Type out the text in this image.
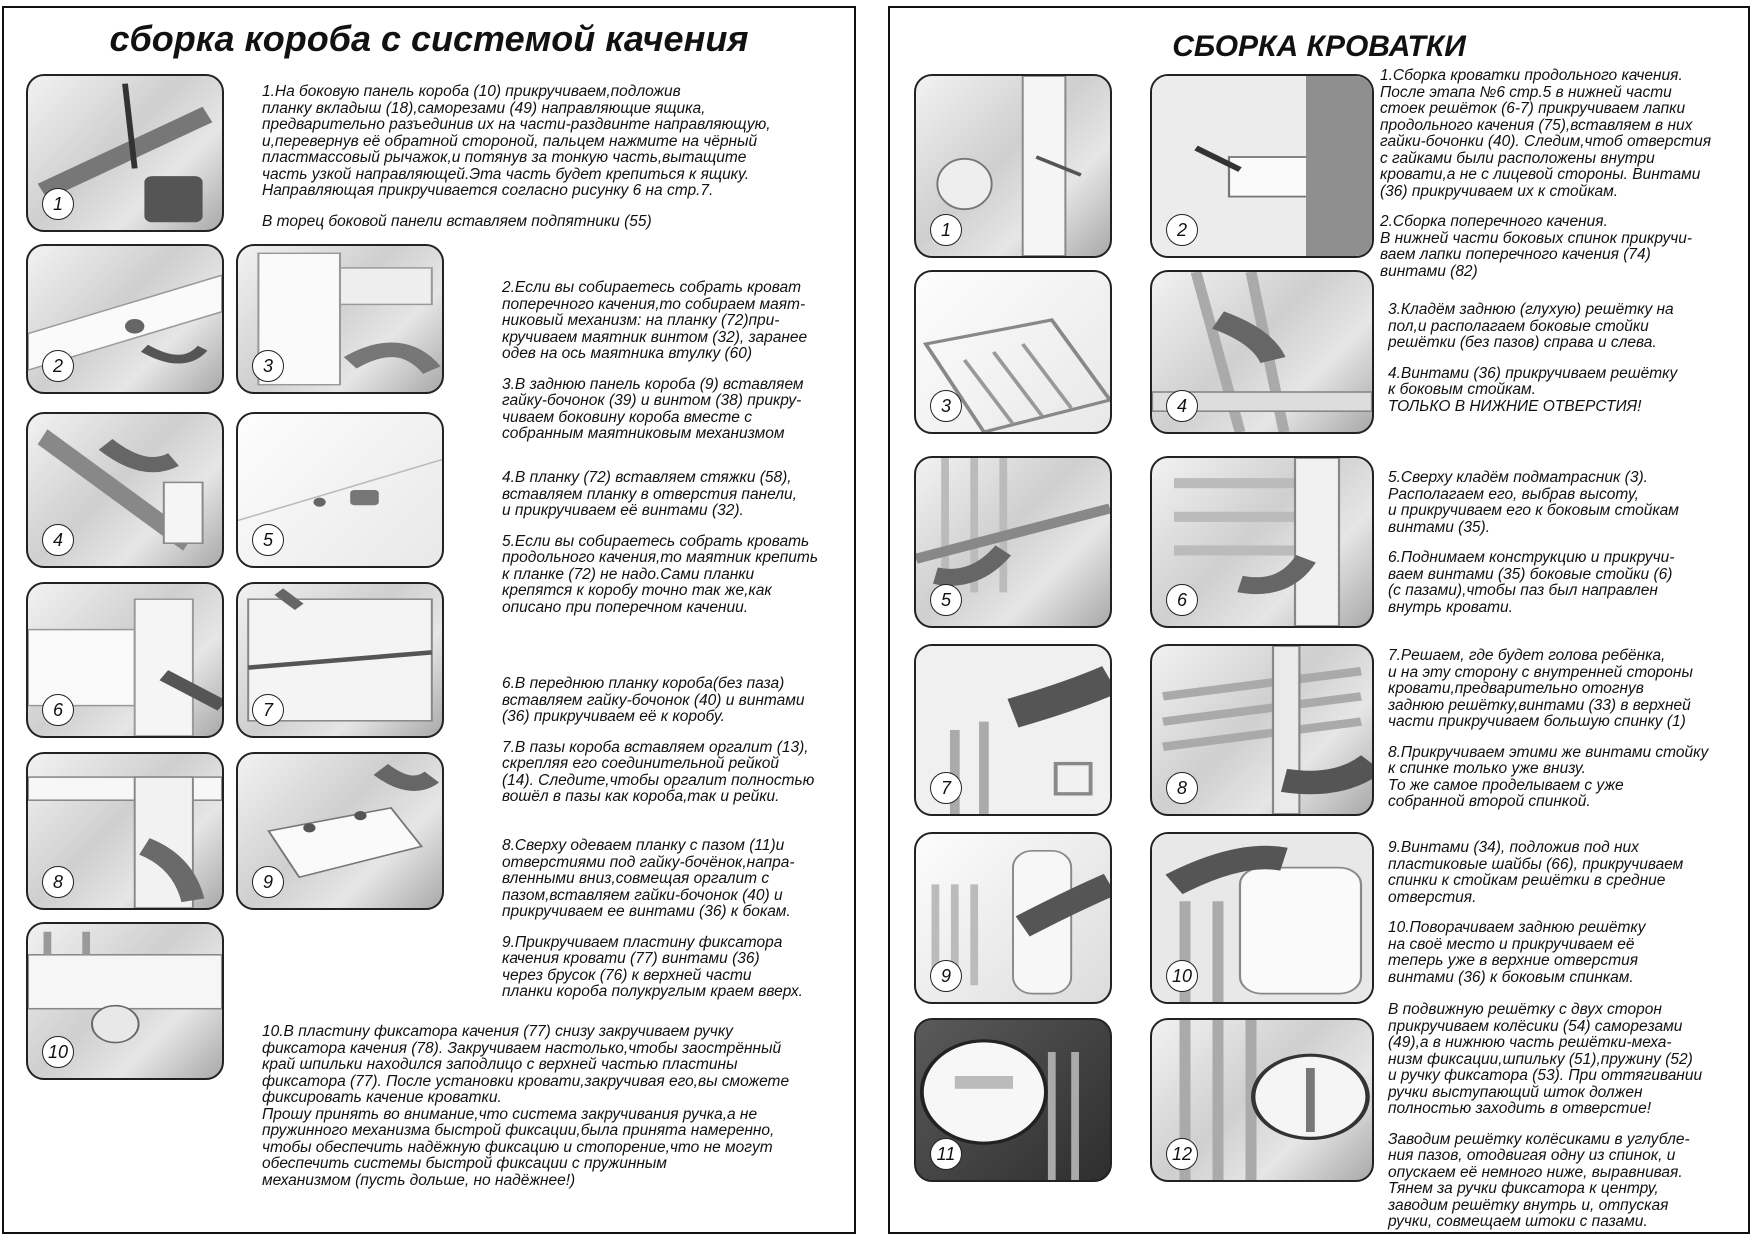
сборка короба с системой качения
1
2	3
4	5
6	7
8	9
10

1.На боковую панель короба (10) прикручиваем,подложив
планку вкладыш (18),саморезами (49) направляющие ящика,
предварительно разъединив их на части-раздвинте направляющую,
и,перевернув её обратной стороной, пальцем нажмите на чёрный
пластмассовый рычажок,и потянув за тонкую часть,вытащите
часть узкой направляющей.Эта часть будет крепиться к ящику.
Направляющая прикручивается согласно рисунку 6 на стр.7.

В торец боковой панели вставляем подпятники (55)

2.Если вы собираетесь собрать кроват
поперечного качения,то собираем маят-
никовый механизм: на планку (72)при-
кручиваем маятник винтом (32), заранее
одев на ось маятника втулку (60)

3.В заднюю панель короба (9) вставляем
гайку-бочонок (39) и винтом (38) прикру-
чиваем боковину короба вместе с
собранным маятниковым механизмом

4.В планку (72) вставляем стяжки (58),
вставляем планку в отверстия панели,
и прикручиваем её винтами (32).

5.Если вы собираетесь собрать кровать
продольного качения,то маятник крепить
к планке (72) не надо.Сами планки
крепятся к коробу точно так же,как
описано при поперечном качении.

6.В переднюю планку короба(без паза)
вставляем гайку-бочонок (40) и винтами
(36) прикручиваем её к коробу.

7.В пазы короба вставляем оргалит (13),
скрепляя его соединительной рейкой
(14). Следите,чтобы оргалит полностью
вошёл в пазы как короба,так и рейки.

8.Сверху одеваем планку с пазом (11)и
отверстиями под гайку-бочёнок,напра-
вленными вниз,совмещая оргалит с
пазом,вставляем гайки-бочонок (40) и
прикручиваем ее винтами (36) к бокам.

9.Прикручиваем пластину фиксатора
качения кровати (77) винтами (36)
через брусок (76) к верхней части
планки короба полукруглым краем вверх.

10.В пластину фиксатора качения (77) снизу закручиваем ручку
фиксатора качения (78). Закручиваем настолько,чтобы заострённый
край шпильки находился заподлицо с верхней частью пластины
фиксатора (77). После установки кровати,закручивая его,вы сможете
фиксировать качение кроватки.
Прошу принять во внимание,что система закручивания ручка,а не
пружинного механизма быстрой фиксации,была принята намеренно,
чтобы обеспечить надёжную фиксацию и стопорение,что не могут
обеспечить системы быстрой фиксации с пружинным
механизмом (пусть дольше, но надёжнее!)

СБОРКА КРОВАТКИ
1	2
3	4
5	6
7	8
9	10
11	12

1.Сборка кроватки продольного качения.
После этапа №6 стр.5 в нижней части
стоек решёток (6-7) прикручиваем лапки
продольного качения (75),вставляем в них
гайки-бочонки (40). Следим,чтоб отверстия
с гайками были расположены внутри
кровати,а не с лицевой стороны. Винтами
(36) прикручиваем их к стойкам.

2.Сборка поперечного качения.
В нижней части боковых спинок прикручи-
ваем лапки поперечного качения (74)
винтами (82)

3.Кладём заднюю (глухую) решётку на
пол,и располагаем боковые стойки
решётки (без пазов) справа и слева.

4.Винтами (36) прикручиваем решётку
к боковым стойкам.
ТОЛЬКО В НИЖНИЕ ОТВЕРСТИЯ!

5.Сверху кладём подматрасник (3).
Располагаем его, выбрав высоту,
и прикручиваем его к боковым стойкам
винтами (35).

6.Поднимаем конструкцию и прикручи-
ваем винтами (35) боковые стойки (6)
(с пазами),чтобы паз был направлен
внутрь кровати.

7.Решаем, где будет голова ребёнка,
и на эту сторону с внутренней стороны
кровати,предварительно отогнув
заднюю решётку,винтами (33) в верхней
части прикручиваем большую спинку (1)

8.Прикручиваем этими же винтами стойку
к спинке только уже внизу.
То же самое проделываем с уже
собранной второй спинкой.

9.Винтами (34), подложив под них
пластиковые шайбы (66), прикручиваем
спинки к стойкам решётки в средние
отверстия.

10.Поворачиваем заднюю решётку
на своё место и прикручиваем её
теперь уже в верхние отверстия
винтами (36) к боковым спинкам.

В подвижную решётку с двух сторон
прикручиваем колёсики (54) саморезами
(49),а в нижнюю часть решётки-меха-
низм фиксации,шпильку (51),пружину (52)
и ручку фиксатора (53). При оттягивании
ручки выступающий шток должен
полностью заходить в отверстие!

Заводим решётку колёсиками в углубле-
ния пазов, отодвигая одну из спинок, и
опускаем её немного ниже, выравнивая.
Тянем за ручки фиксатора к центру,
заводим решётку внутрь и, отпуская
ручки, совмещаем штоки с пазами.
